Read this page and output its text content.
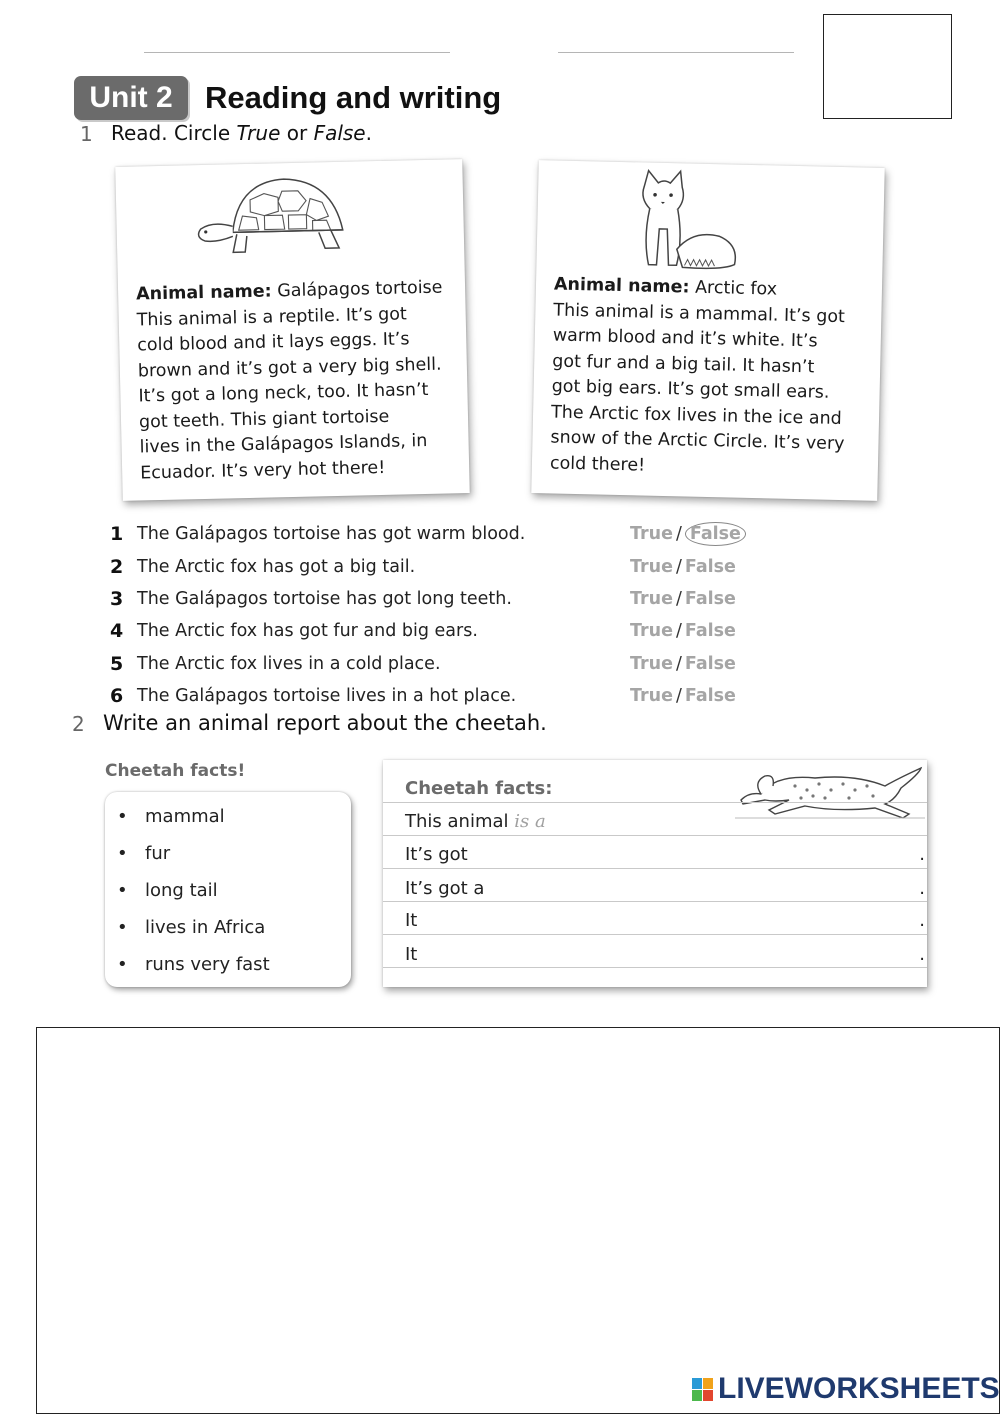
Unit 2	Reading and writing
1 Read. Circle True or False.
Animal name: Galápagos tortoise
This animal is a reptile. It’s got
cold blood and it lays eggs. It’s
brown and it’s got a very big shell.
It’s got a long neck, too. It hasn’t
got teeth. This giant tortoise
lives in the Galápagos Islands, in
Ecuador. It’s very hot there!
Animal name: Arctic fox
This animal is a mammal. It’s got
warm blood and it’s white. It’s
got fur and a big tail. It hasn’t
got big ears. It’s got small ears.
The Arctic fox lives in the ice and
snow of the Arctic Circle. It’s very
cold there!
1 The Galápagos tortoise has got warm blood.	True / False
2 The Arctic fox has got a big tail.	True / False
3 The Galápagos tortoise has got long teeth.	True / False
4 The Arctic fox has got fur and big ears.	True / False
5 The Arctic fox lives in a cold place.	True / False
6 The Galápagos tortoise lives in a hot place.	True / False
2 Write an animal report about the cheetah.
Cheetah facts!
• mammal
• fur
• long tail
• lives in Africa
• runs very fast
Cheetah facts:
This animal is a
It’s got	.
It’s got a	.
It	.
It	.
LIVEWORKSHEETS
